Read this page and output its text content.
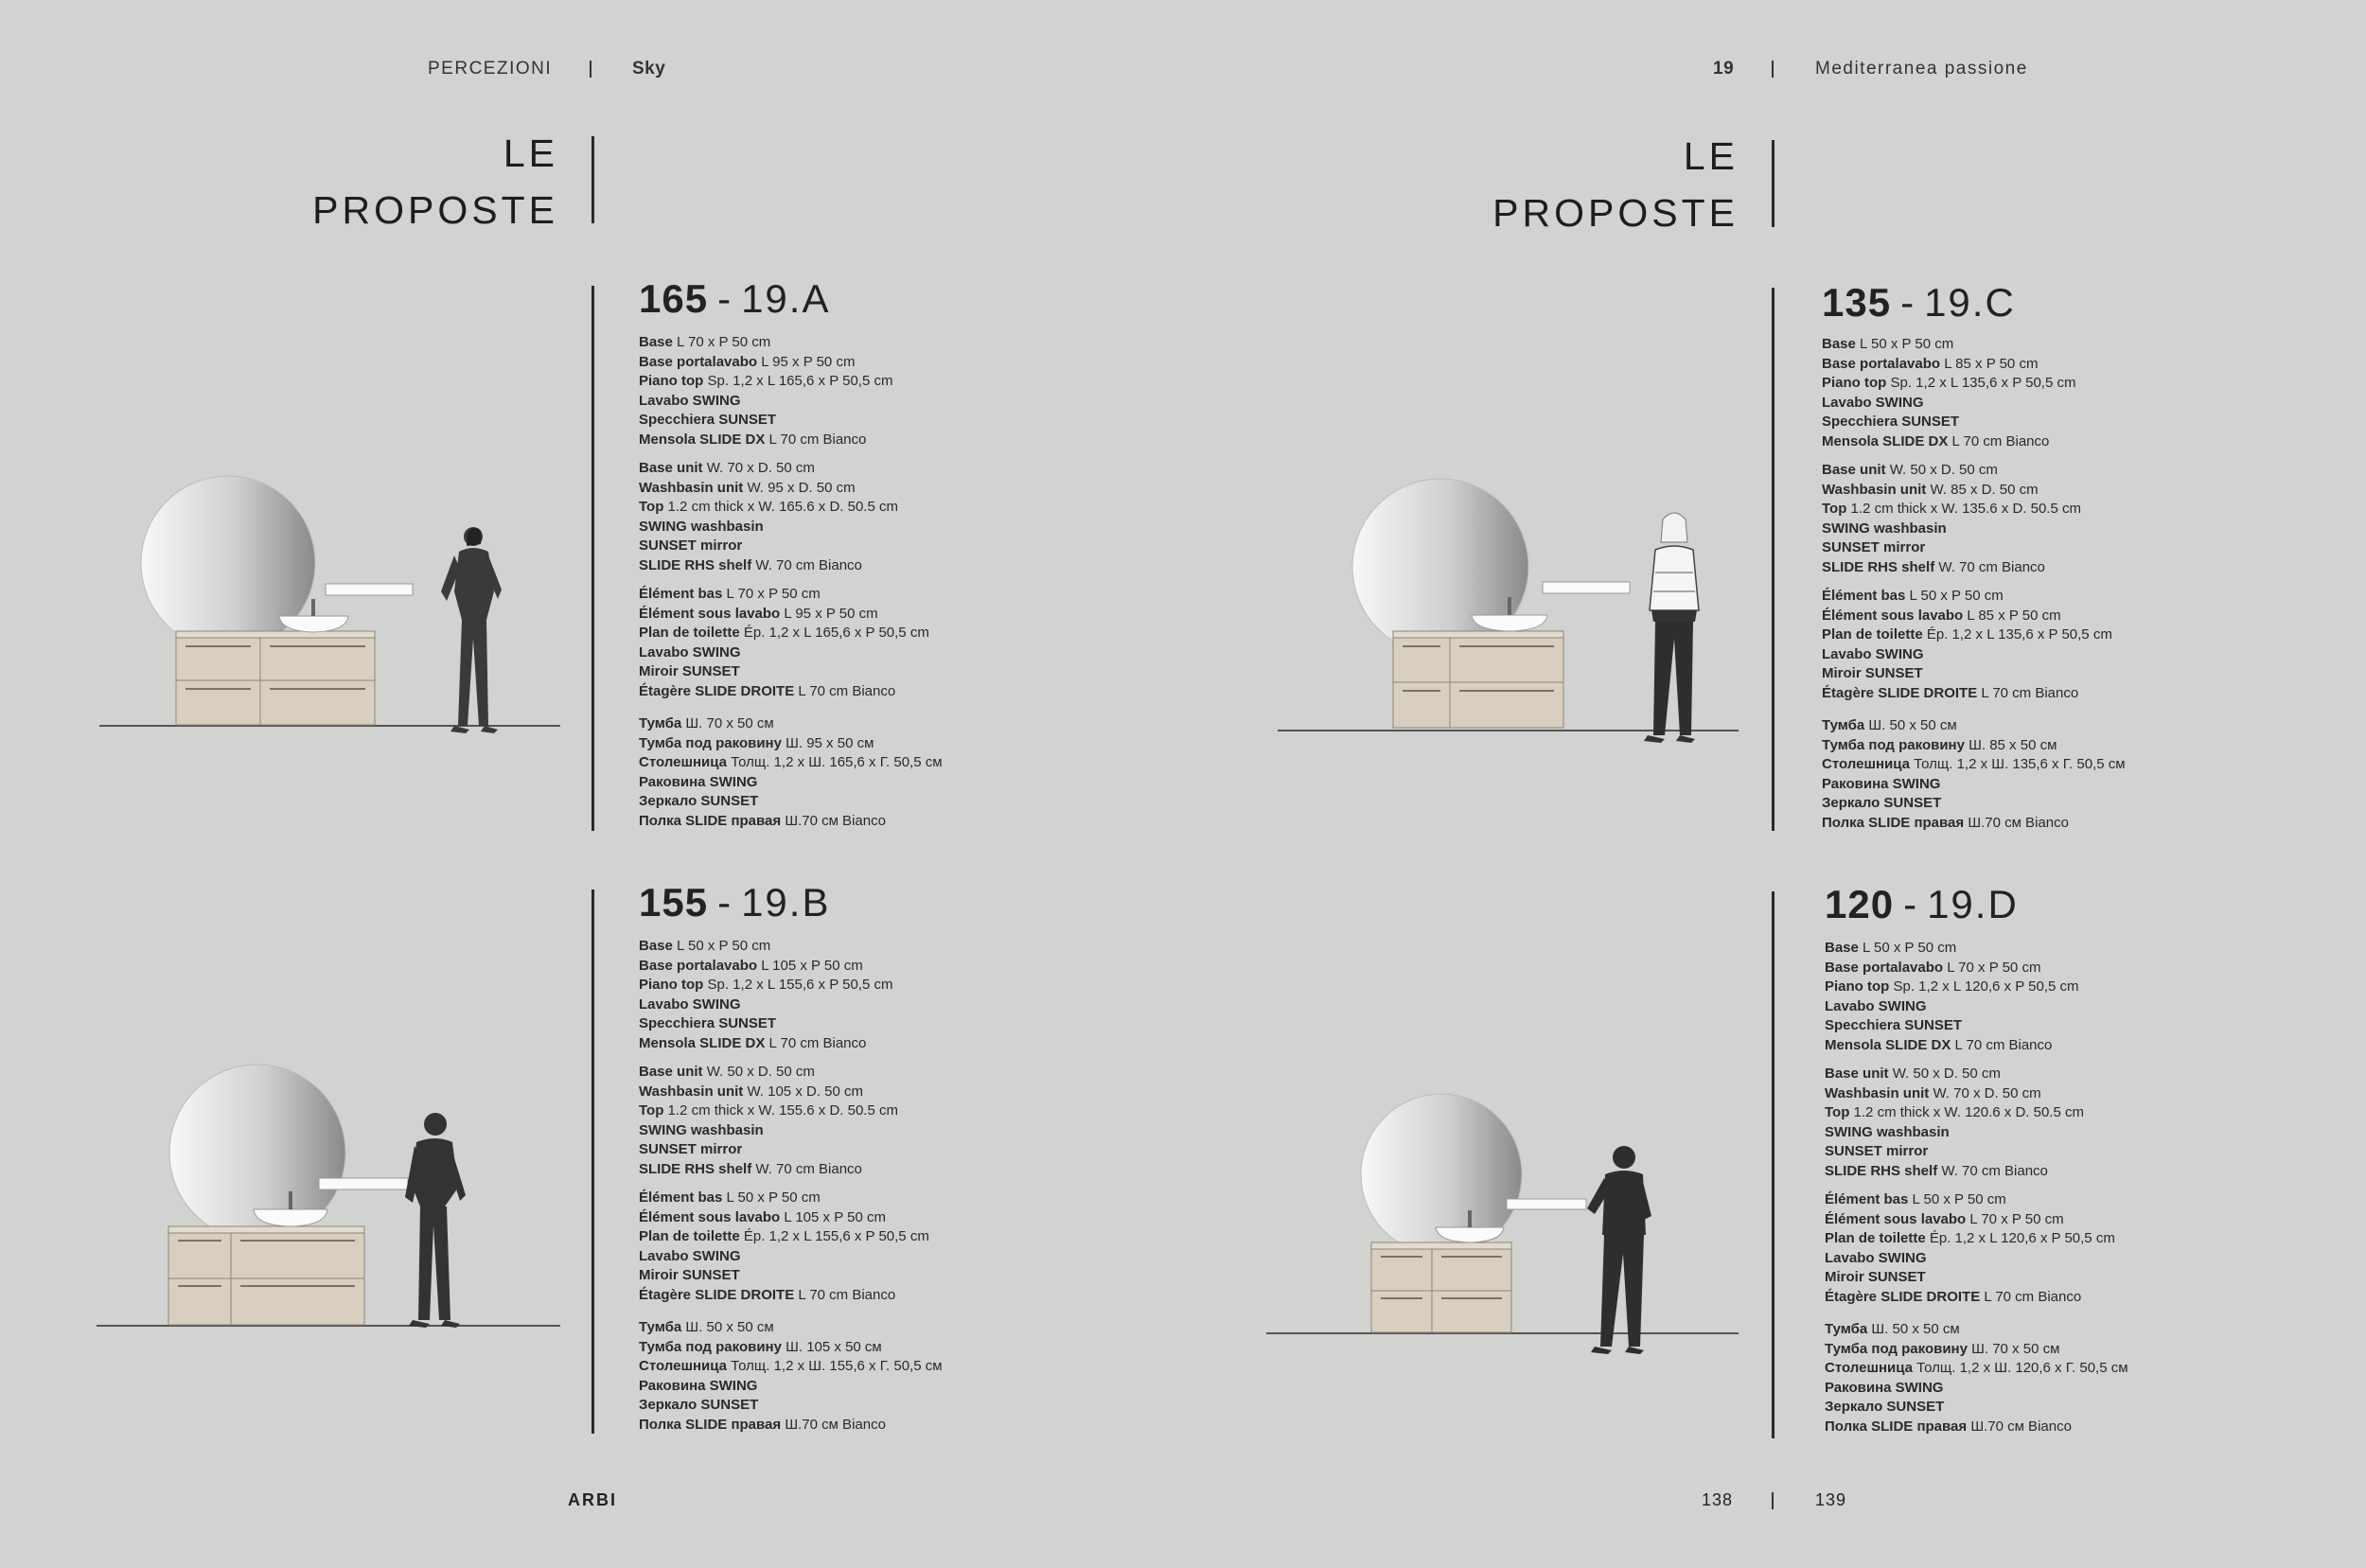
PERCEZIONI	Sky	19	Mediterranea passione
LE
PROPOSTE
LE
PROPOSTE
165 - 19.A
Base L 70 x P 50 cm
Base portalavabo L 95 x P 50 cm
Piano top Sp. 1,2 x L 165,6 x P 50,5 cm
Lavabo SWING
Specchiera SUNSET
Mensola SLIDE DX L 70 cm Bianco
Base unit W. 70 x D. 50 cm
Washbasin unit W. 95 x D. 50 cm
Top 1.2 cm thick x W. 165.6 x D. 50.5 cm
SWING washbasin
SUNSET mirror
SLIDE RHS shelf W. 70 cm Bianco
Élément bas L 70 x P 50 cm
Élément sous lavabo L 95 x P 50 cm
Plan de toilette Ép. 1,2 x L 165,6 x P 50,5 cm
Lavabo SWING
Miroir SUNSET
Étagère SLIDE DROITE L 70 cm Bianco
Тумба Ш. 70 x 50 см
Тумба под раковину Ш. 95 x 50 см
Столешница Толщ. 1,2 x Ш. 165,6 x Г. 50,5 см
Раковина SWING
Зеркало SUNSET
Полка SLIDE правая Ш.70 см Bianco
155 - 19.B
Base L 50 x P 50 cm
Base portalavabo L 105 x P 50 cm
Piano top Sp. 1,2 x L 155,6 x P 50,5 cm
Lavabo SWING
Specchiera SUNSET
Mensola SLIDE DX L 70 cm Bianco
Base unit W. 50 x D. 50 cm
Washbasin unit W. 105 x D. 50 cm
Top 1.2 cm thick x W. 155.6 x D. 50.5 cm
SWING washbasin
SUNSET mirror
SLIDE RHS shelf W. 70 cm Bianco
Élément bas L 50 x P 50 cm
Élément sous lavabo L 105 x P 50 cm
Plan de toilette Ép. 1,2 x L 155,6 x P 50,5 cm
Lavabo SWING
Miroir SUNSET
Étagère SLIDE DROITE L 70 cm Bianco
Тумба Ш. 50 x 50 см
Тумба под раковину Ш. 105 x 50 см
Столешница Толщ. 1,2 x Ш. 155,6 x Г. 50,5 см
Раковина SWING
Зеркало SUNSET
Полка SLIDE правая Ш.70 см Bianco
135 - 19.C
Base L 50 x P 50 cm
Base portalavabo L 85 x P 50 cm
Piano top Sp. 1,2 x L 135,6 x P 50,5 cm
Lavabo SWING
Specchiera SUNSET
Mensola SLIDE DX L 70 cm Bianco
Base unit W. 50 x D. 50 cm
Washbasin unit W. 85 x D. 50 cm
Top 1.2 cm thick x W. 135.6 x D. 50.5 cm
SWING washbasin
SUNSET mirror
SLIDE RHS shelf W. 70 cm Bianco
Élément bas L 50 x P 50 cm
Élément sous lavabo L 85 x P 50 cm
Plan de toilette Ép. 1,2 x L 135,6 x P 50,5 cm
Lavabo SWING
Miroir SUNSET
Étagère SLIDE DROITE L 70 cm Bianco
Тумба Ш. 50 x 50 см
Тумба под раковину Ш. 85 x 50 см
Столешница Толщ. 1,2 x Ш. 135,6 x Г. 50,5 см
Раковина SWING
Зеркало SUNSET
Полка SLIDE правая Ш.70 см Bianco
120 - 19.D
Base L 50 x P 50 cm
Base portalavabo L 70 x P 50 cm
Piano top Sp. 1,2 x L 120,6 x P 50,5 cm
Lavabo SWING
Specchiera SUNSET
Mensola SLIDE DX L 70 cm Bianco
Base unit W. 50 x D. 50 cm
Washbasin unit W. 70 x D. 50 cm
Top 1.2 cm thick x W. 120.6 x D. 50.5 cm
SWING washbasin
SUNSET mirror
SLIDE RHS shelf W. 70 cm Bianco
Élément bas L 50 x P 50 cm
Élément sous lavabo L 70 x P 50 cm
Plan de toilette Ép. 1,2 x L 120,6 x P 50,5 cm
Lavabo SWING
Miroir SUNSET
Étagère SLIDE DROITE L 70 cm Bianco
Тумба Ш. 50 x 50 см
Тумба под раковину Ш. 70 x 50 см
Столешница Толщ. 1,2 x Ш. 120,6 x Г. 50,5 см
Раковина SWING
Зеркало SUNSET
Полка SLIDE правая Ш.70 см Bianco
ARBI	138	139
